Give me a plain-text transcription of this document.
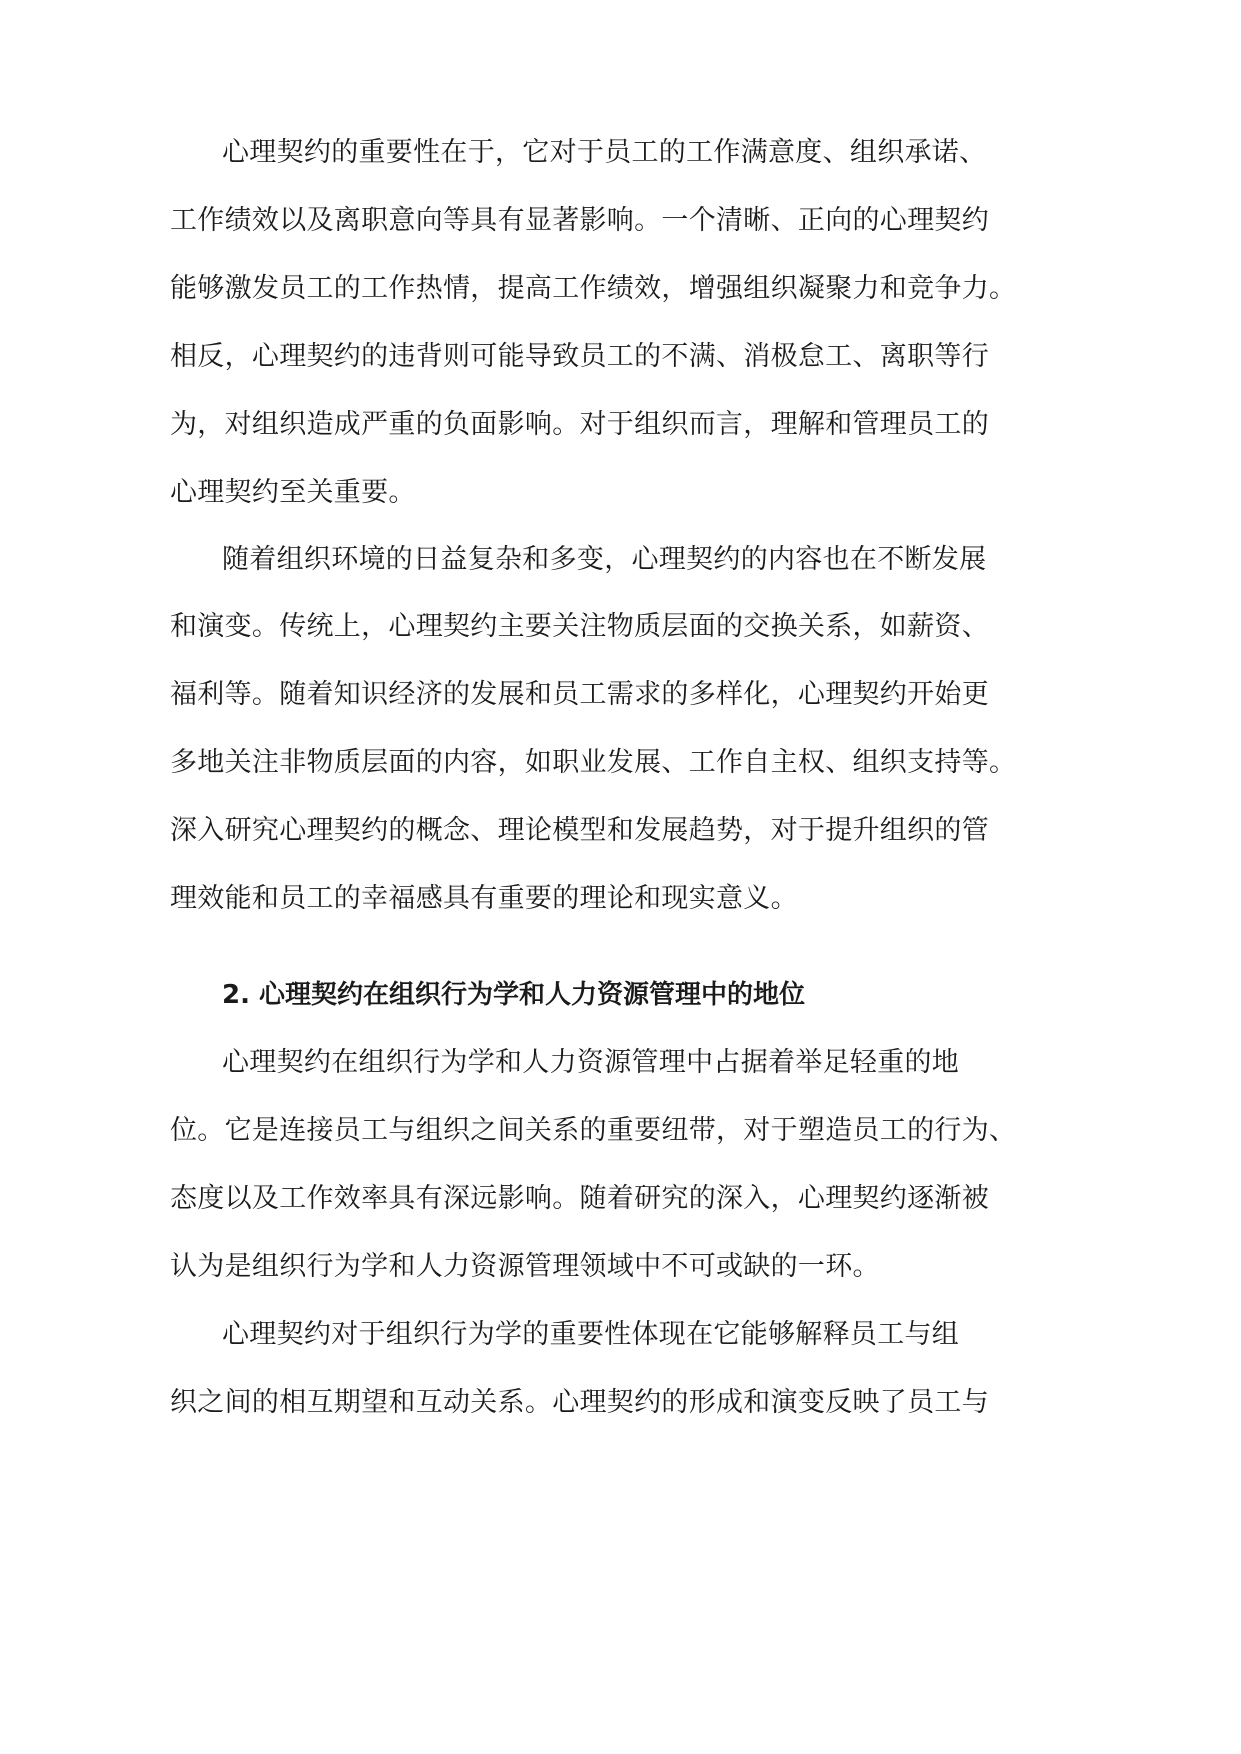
心理契约的重要性在于，它对于员工的工作满意度、组织承诺、
工作绩效以及离职意向等具有显著影响。一个清晰、正向的心理契约
能够激发员工的工作热情，提高工作绩效，增强组织凝聚力和竞争力。
相反，心理契约的违背则可能导致员工的不满、消极怠工、离职等行
为，对组织造成严重的负面影响。对于组织而言，理解和管理员工的
心理契约至关重要。
随着组织环境的日益复杂和多变，心理契约的内容也在不断发展
和演变。传统上，心理契约主要关注物质层面的交换关系，如薪资、
福利等。随着知识经济的发展和员工需求的多样化，心理契约开始更
多地关注非物质层面的内容，如职业发展、工作自主权、组织支持等。
深入研究心理契约的概念、理论模型和发展趋势，对于提升组织的管
理效能和员工的幸福感具有重要的理论和现实意义。
2. 心理契约在组织行为学和人力资源管理中的地位
心理契约在组织行为学和人力资源管理中占据着举足轻重的地
位。它是连接员工与组织之间关系的重要纽带，对于塑造员工的行为、
态度以及工作效率具有深远影响。随着研究的深入，心理契约逐渐被
认为是组织行为学和人力资源管理领域中不可或缺的一环。
心理契约对于组织行为学的重要性体现在它能够解释员工与组
织之间的相互期望和互动关系。心理契约的形成和演变反映了员工与
